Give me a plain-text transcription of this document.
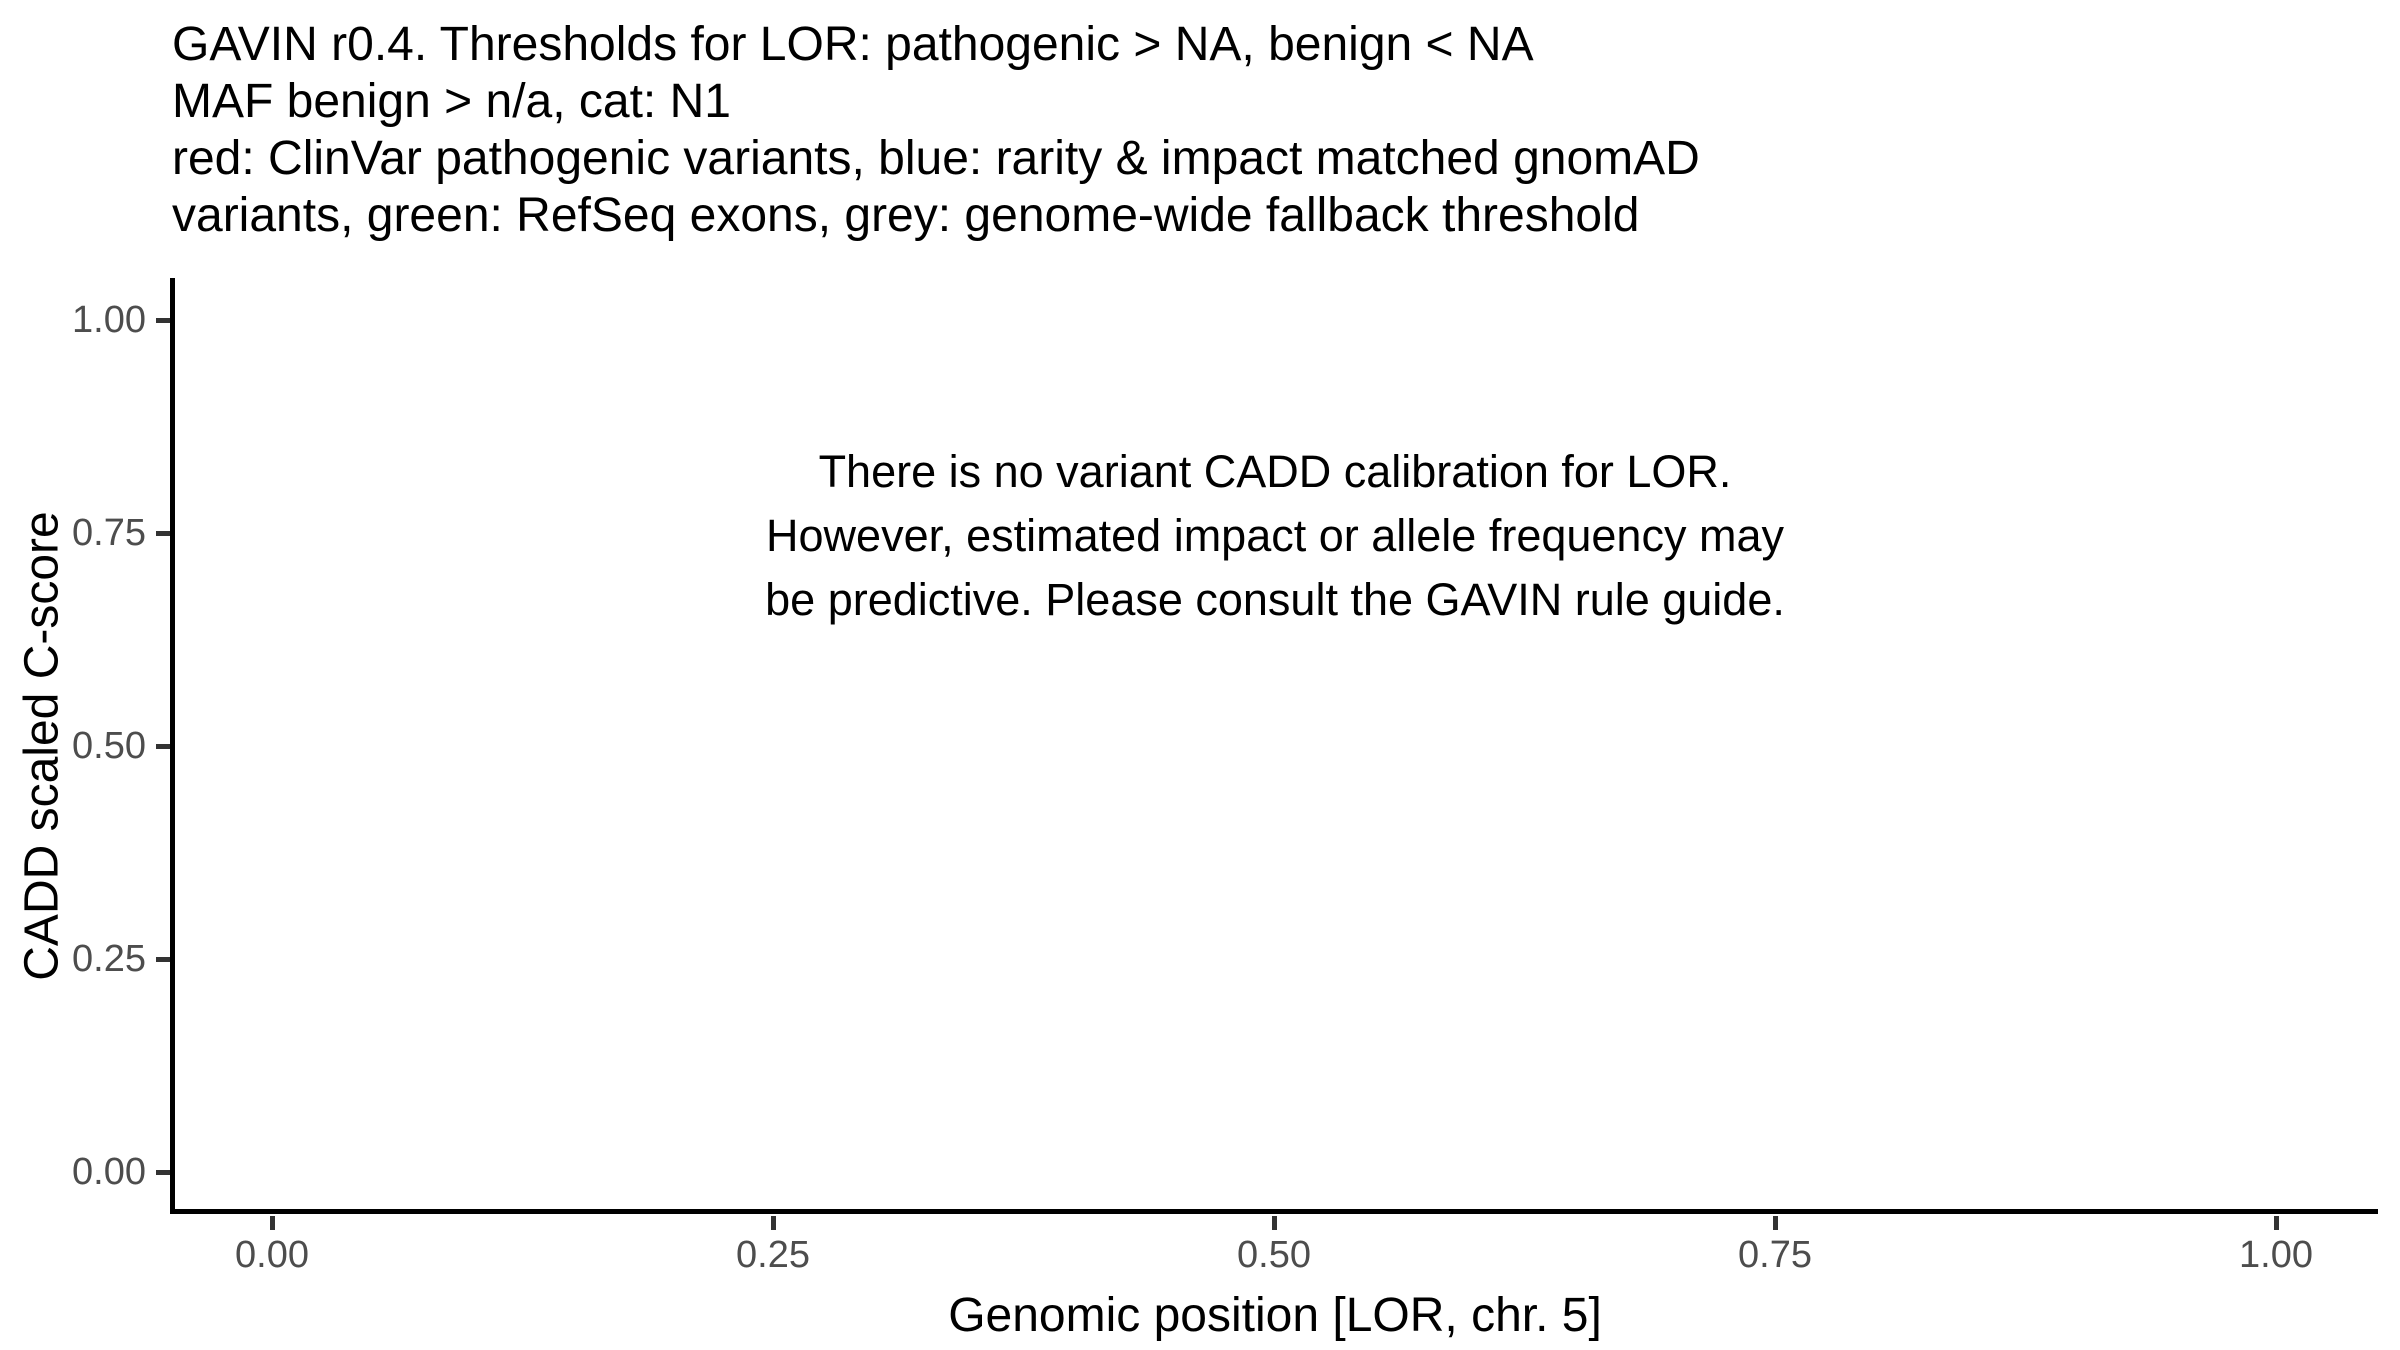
GAVIN r0.4. Thresholds for LOR: pathogenic > NA, benign < NA
MAF benign > n/a, cat: N1
red: ClinVar pathogenic variants, blue: rarity & impact matched gnomAD
variants, green: RefSeq exons, grey: genome-wide fallback threshold
CADD scaled C-score
There is no variant CADD calibration for LOR.
However, estimated impact or allele frequency may
be predictive. Please consult the GAVIN rule guide.
1.00
0.75
0.50
0.25
0.00
0.00	0.25	0.50	0.75	1.00
Genomic position [LOR, chr. 5]
